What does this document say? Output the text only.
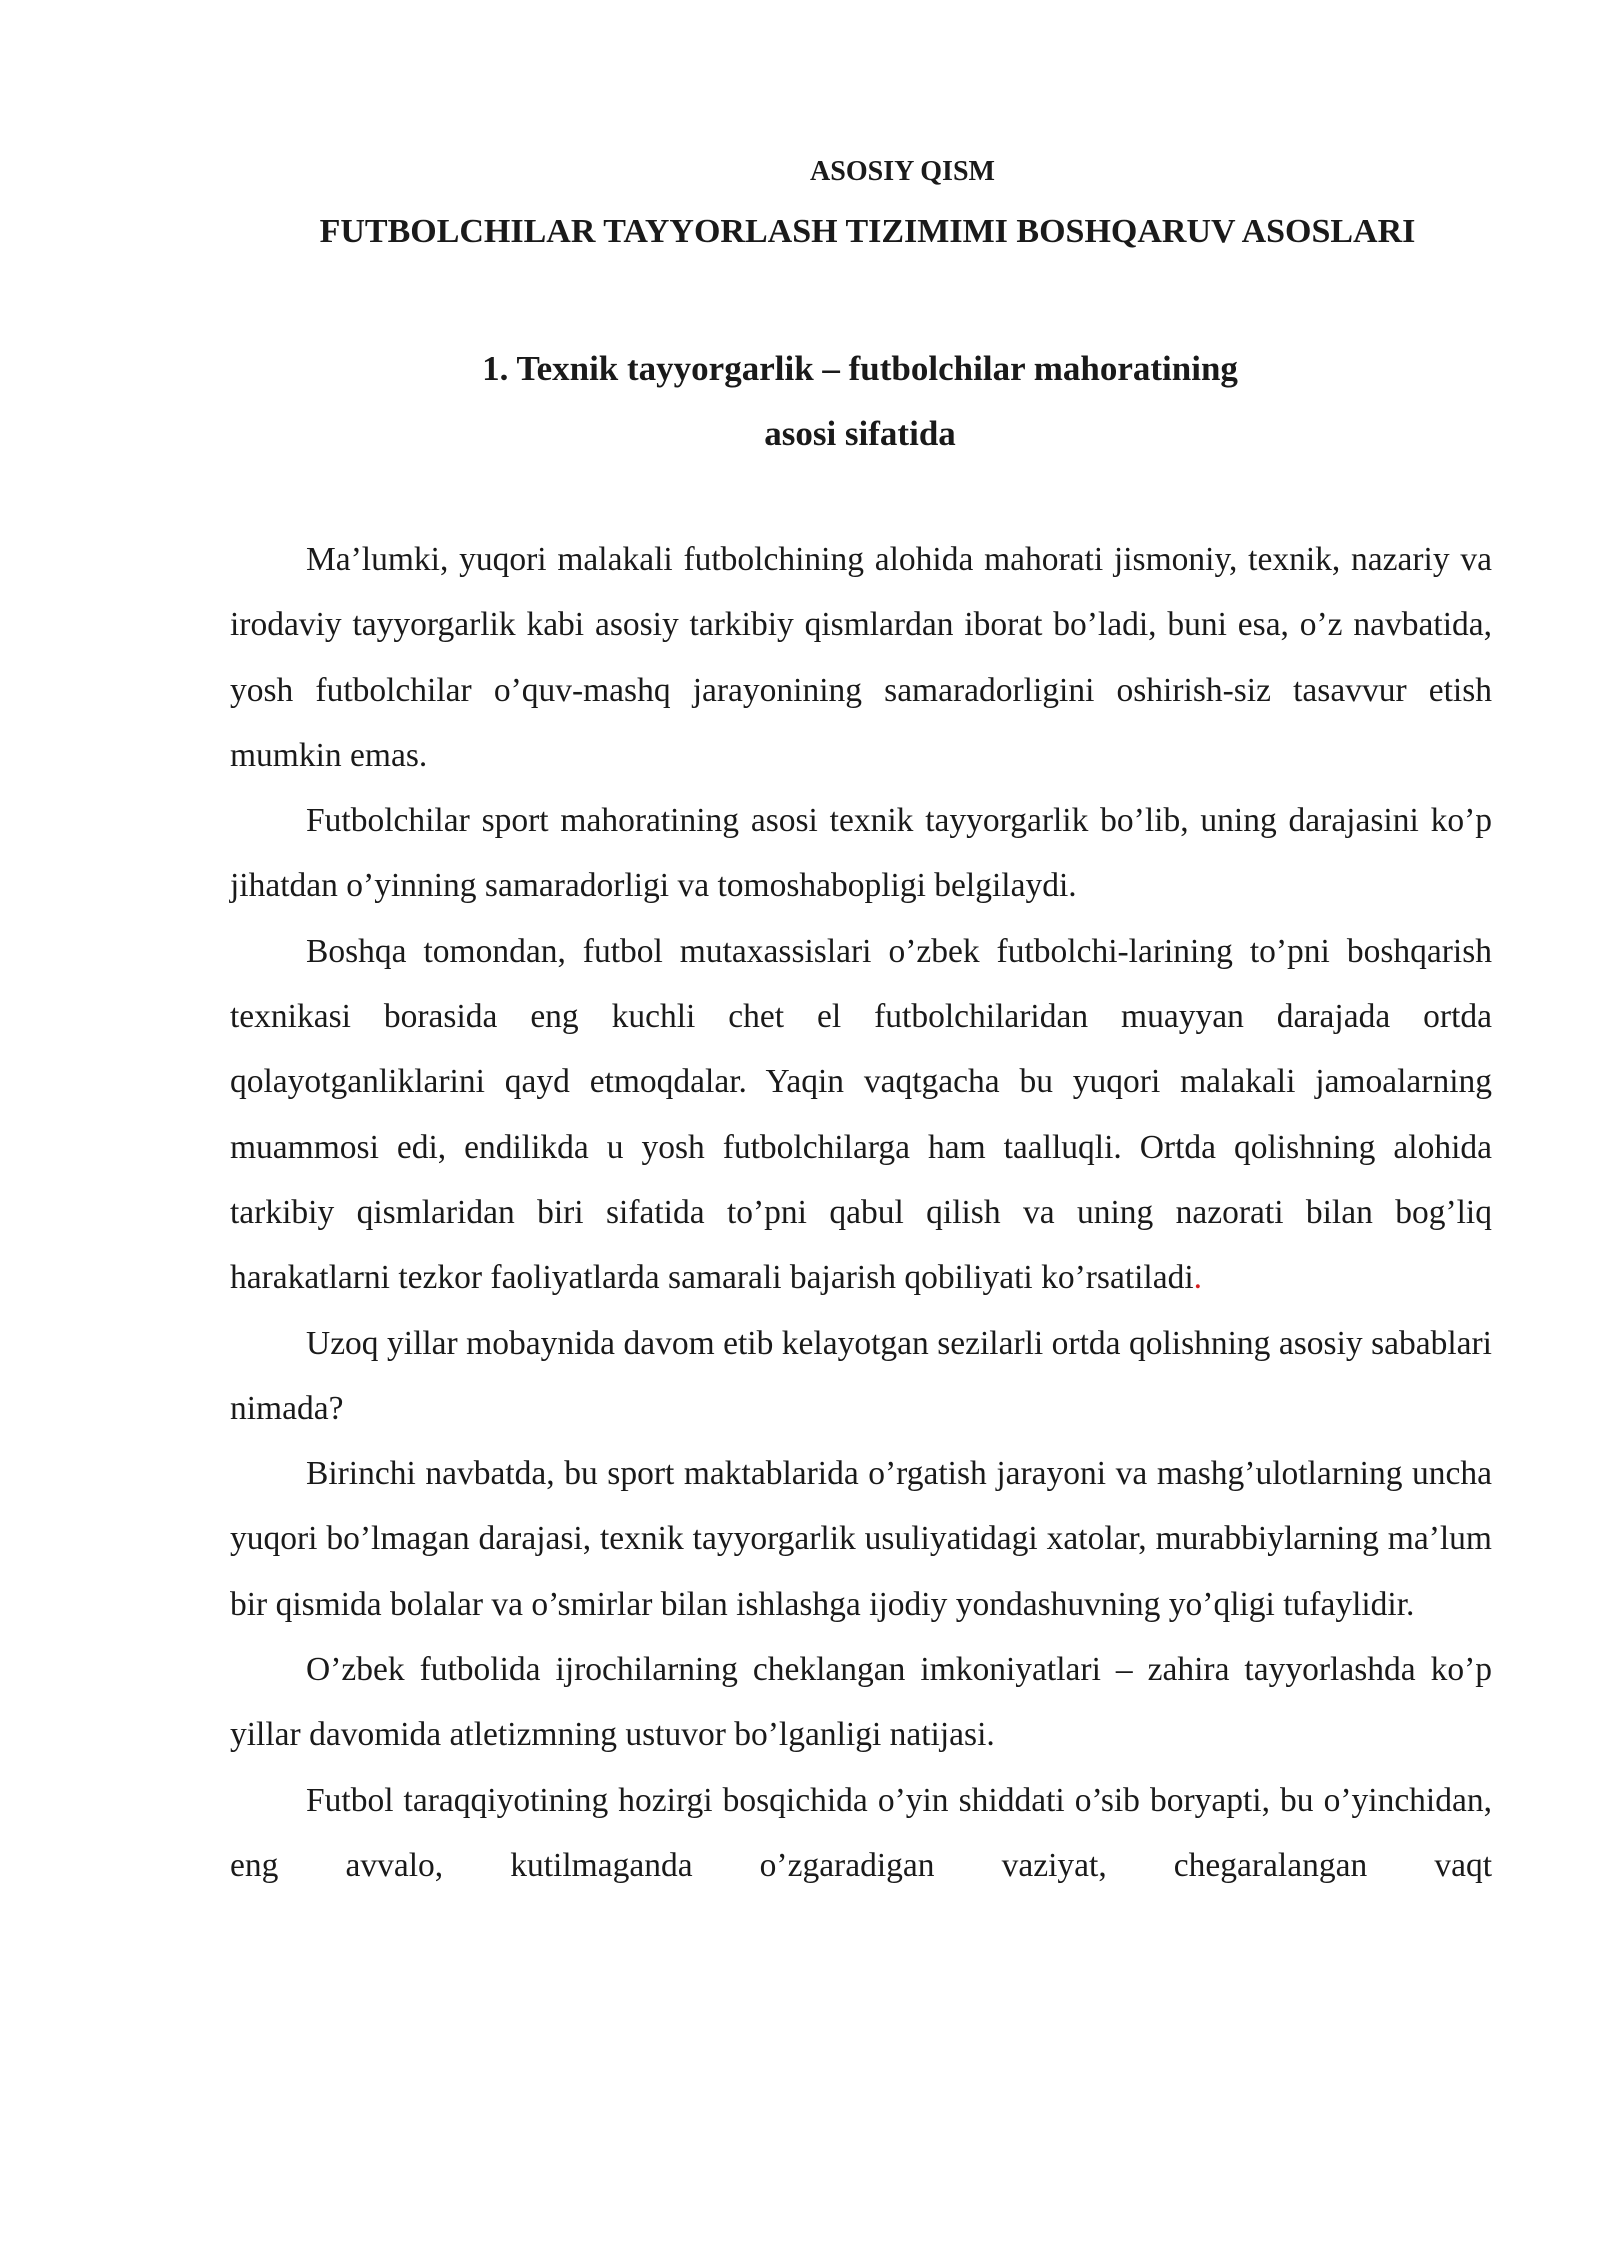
ASOSIY QISM
FUTBOLCHILAR TAYYORLASH TIZIMIMI BOSHQARUV ASOSLARI
1. Texnik tayyorgarlik – futbolchilar mahoratining
asosi sifatida

Ma’lumki, yuqori malakali futbolchining alohida mahorati jismoniy, texnik, nazariy va irodaviy tayyorgarlik kabi asosiy tarkibiy qismlardan iborat bo’ladi, buni esa, o’z navbatida, yosh futbolchilar o’quv-mashq jarayonining samaradorligini oshirish-siz tasavvur etish mumkin emas.

Futbolchilar sport mahoratining asosi texnik tayyorgarlik bo’lib, uning darajasini ko’p jihatdan o’yinning samaradorligi va tomoshabopligi belgilaydi.

Boshqa tomondan, futbol mutaxassislari o’zbek futbolchi-larining to’pni boshqarish texnikasi borasida eng kuchli chet el futbolchilaridan muayyan darajada ortda qolayotganliklarini qayd etmoqdalar. Yaqin vaqtgacha bu yuqori malakali jamoalarning muammosi edi, endilikda u yosh futbolchilarga ham taalluqli. Ortda qolishning alohida tarkibiy qismlaridan biri sifatida to’pni qabul qilish va uning nazorati bilan bog’liq harakatlarni tezkor faoliyatlarda samarali bajarish qobiliyati ko’rsatiladi.

Uzoq yillar mobaynida davom etib kelayotgan sezilarli ortda qolishning asosiy sabablari nimada?

Birinchi navbatda, bu sport maktablarida o’rgatish jarayoni va mashg’ulotlarning uncha yuqori bo’lmagan darajasi, texnik tayyorgarlik usuliyatidagi xatolar, murabbiylarning ma’lum bir qismida bolalar va o’smirlar bilan ishlashga ijodiy yondashuvning yo’qligi tufaylidir.

O’zbek futbolida ijrochilarning cheklangan imkoniyatlari – zahira tayyorlashda ko’p yillar davomida atletizmning ustuvor bo’lganligi natijasi.

Futbol taraqqiyotining hozirgi bosqichida o’yin shiddati o’sib boryapti, bu o’yinchidan, eng avvalo, kutilmaganda o’zgaradigan vaziyat, chegaralangan vaqt
